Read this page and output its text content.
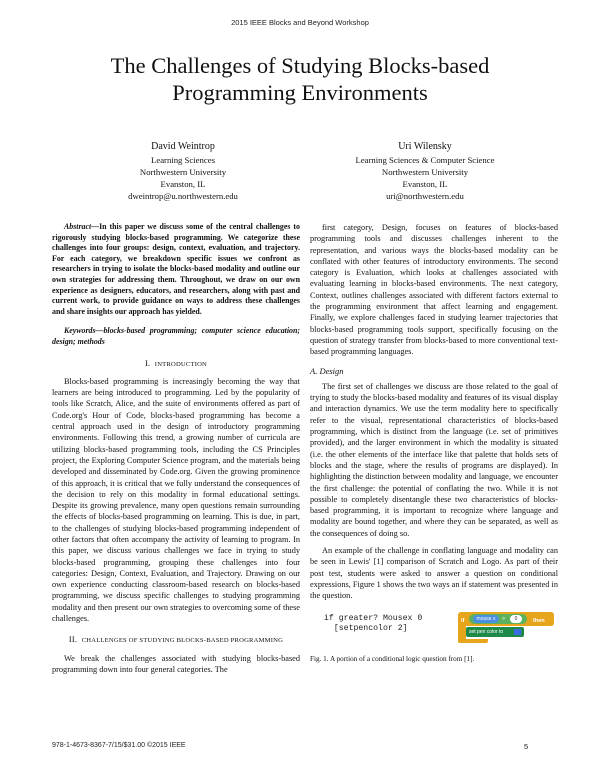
2015 IEEE Blocks and Beyond Workshop
The Challenges of Studying Blocks-based
Programming Environments
David Weintrop
Learning Sciences
Northwestern University
Evanston, IL
dweintrop@u.northwestern.edu
Uri Wilensky
Learning Sciences & Computer Science
Northwestern University
Evanston, IL
uri@northwestern.edu

Abstract—In this paper we discuss some of the central challenges to rigorously studying blocks-based programming. We categorize these challenges into four groups: design, context, evaluation, and trajectory. For each category, we breakdown specific issues we confront as researchers in trying to isolate the blocks-based modality and outline our own strategies for addressing them. Throughout, we draw on our own experience as designers, educators, and researchers, along with past and current work, to provide guidance on ways to address these challenges and share insights our approach has yielded.

Keywords—blocks-based programming; computer science education; design; methods

I. INTRODUCTION

Blocks-based programming is increasingly becoming the way that learners are being introduced to programming. Led by the popularity of tools like Scratch, Alice, and the suite of environments offered as part of Code.org's Hour of Code, blocks-based programming has become a central approach used in the design of introductory programming environments. Following this trend, a growing number of curricula are utilizing blocks-based programming tools, including the CS Principles project, the Exploring Computer Science program, and the materials being developed and disseminated by Code.org. Given the growing prominence of this approach, it is critical that we fully understand the consequences of the decision to rely on this modality in formal educational settings. Despite its growing prevalence, many open questions remain surrounding the effects of blocks-based programming on learning. This is due, in part, to the challenges of studying blocks-based programming independent of other factors that often accompany the activity of learning to program. In this paper, we discuss various challenges we face in trying to study blocks-based programming, grouping these challenges into four categories: Design, Context, Evaluation, and Trajectory. Drawing on our own experience conducting classroom-based research on blocks-based programming, we discuss specific challenges to studying programming modality and then present our own strategies to overcoming some of these challenges.

II. CHALLENGES OF STUDYING BLOCKS-BASED PROGRAMMING

We break the challenges associated with studying blocks-based programming down into four general categories. The

first category, Design, focuses on features of blocks-based programming tools and discusses challenges inherent to the representation, and various ways the blocks-based modality can be conflated with other features of introductory environments. The second category is Evaluation, which looks at challenges associated with evaluating learning in blocks-based environments. The next category, Context, outlines challenges associated with different factors external to the programming environment that affect learning and engagement. Finally, we explore challenges faced in studying learner trajectories that blocks-based programming tools support, specifically focusing on the question of strategy transfer from blocks-based to more conventional text-based programming languages.

A. Design

The first set of challenges we discuss are those related to the goal of trying to study the blocks-based modality and features of its visual display and interaction dynamics. We use the term modality here to specifically refer to the visual, representational characteristics of blocks-based programming, which is distinct from the language (i.e. set of primitives provided), and the larger environment in which the modality is situated (i.e. the other elements of the interface like that palette that holds sets of blocks and the stage, where the results of programs are displayed). In highlighting the distinction between modality and language, we encounter the first challenge: the potential of conflating the two. While it is not possible to completely disentangle these two characteristics of blocks-based programming, it is important to recognize where language and modality are bound together, and where they can be separated, as well as the consequences of doing so.

An example of the challenge in conflating language and modality can be seen in Lewis' [1] comparison of Scratch and Logo. As part of their post test, students were asked to answer a question on conditional expressions, Figure 1 shows the two ways an if statement was presented in the question.

if greater? Mousex 0
[setpencolor 2]
if	mouse x	>	0	then
set pen color to
Fig. 1. A portion of a conditional logic question from [1].
978-1-4673-8367-7/15/$31.00 ©2015 IEEE	5
